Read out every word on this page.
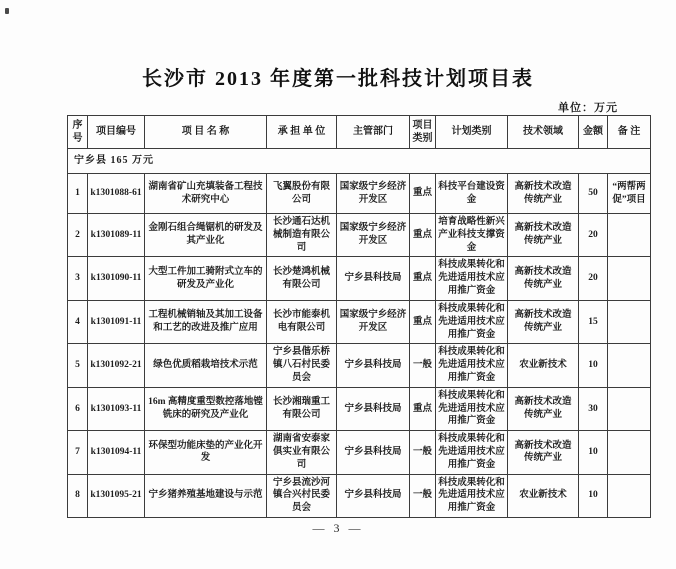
长沙市 2013 年度第一批科技计划项目表
单位：万元
序号	项目编号	项 目 名 称	承 担 单 位	主管部门	项目类别	计划类别	技术领域	金额	备 注
宁乡县 165 万元									
1	k1301088-61	湖南省矿山充填装备工程技术研究中心	飞翼股份有限公司	国家级宁乡经济开发区	重点	科技平台建设资金	高新技术改造传统产业	50	“两帮两促”项目
2	k1301089-11	金刚石组合绳锯机的研发及其产业化	长沙通石达机械制造有限公司	国家级宁乡经济开发区	重点	培育战略性新兴产业科技支撑资金	高新技术改造传统产业	20	
3	k1301090-11	大型工件加工骑附式立车的研发及产业化	长沙楚鸿机械有限公司	宁乡县科技局	重点	科技成果转化和先进适用技术应用推广资金	高新技术改造传统产业	20	
4	k1301091-11	工程机械销轴及其加工设备和工艺的改进及推广应用	长沙市能泰机电有限公司	国家级宁乡经济开发区	重点	科技成果转化和先进适用技术应用推广资金	高新技术改造传统产业	15	
5	k1301092-21	绿色优质稻栽培技术示范	宁乡县偕乐桥镇八石村民委员会	宁乡县科技局	一般	科技成果转化和先进适用技术应用推广资金	农业新技术	10	
6	k1301093-11	16m 高精度重型数控落地镗铣床的研究及产业化	长沙湘瑞重工有限公司	宁乡县科技局	重点	科技成果转化和先进适用技术应用推广资金	高新技术改造传统产业	30	
7	k1301094-11	环保型功能床垫的产业化开发	湖南省安泰家俱实业有限公司	宁乡县科技局	一般	科技成果转化和先进适用技术应用推广资金	高新技术改造传统产业	10	
8	k1301095-21	宁乡猪养殖基地建设与示范	宁乡县流沙河镇合兴村民委员会	宁乡县科技局	一般	科技成果转化和先进适用技术应用推广资金	农业新技术	10	
— 3 —
